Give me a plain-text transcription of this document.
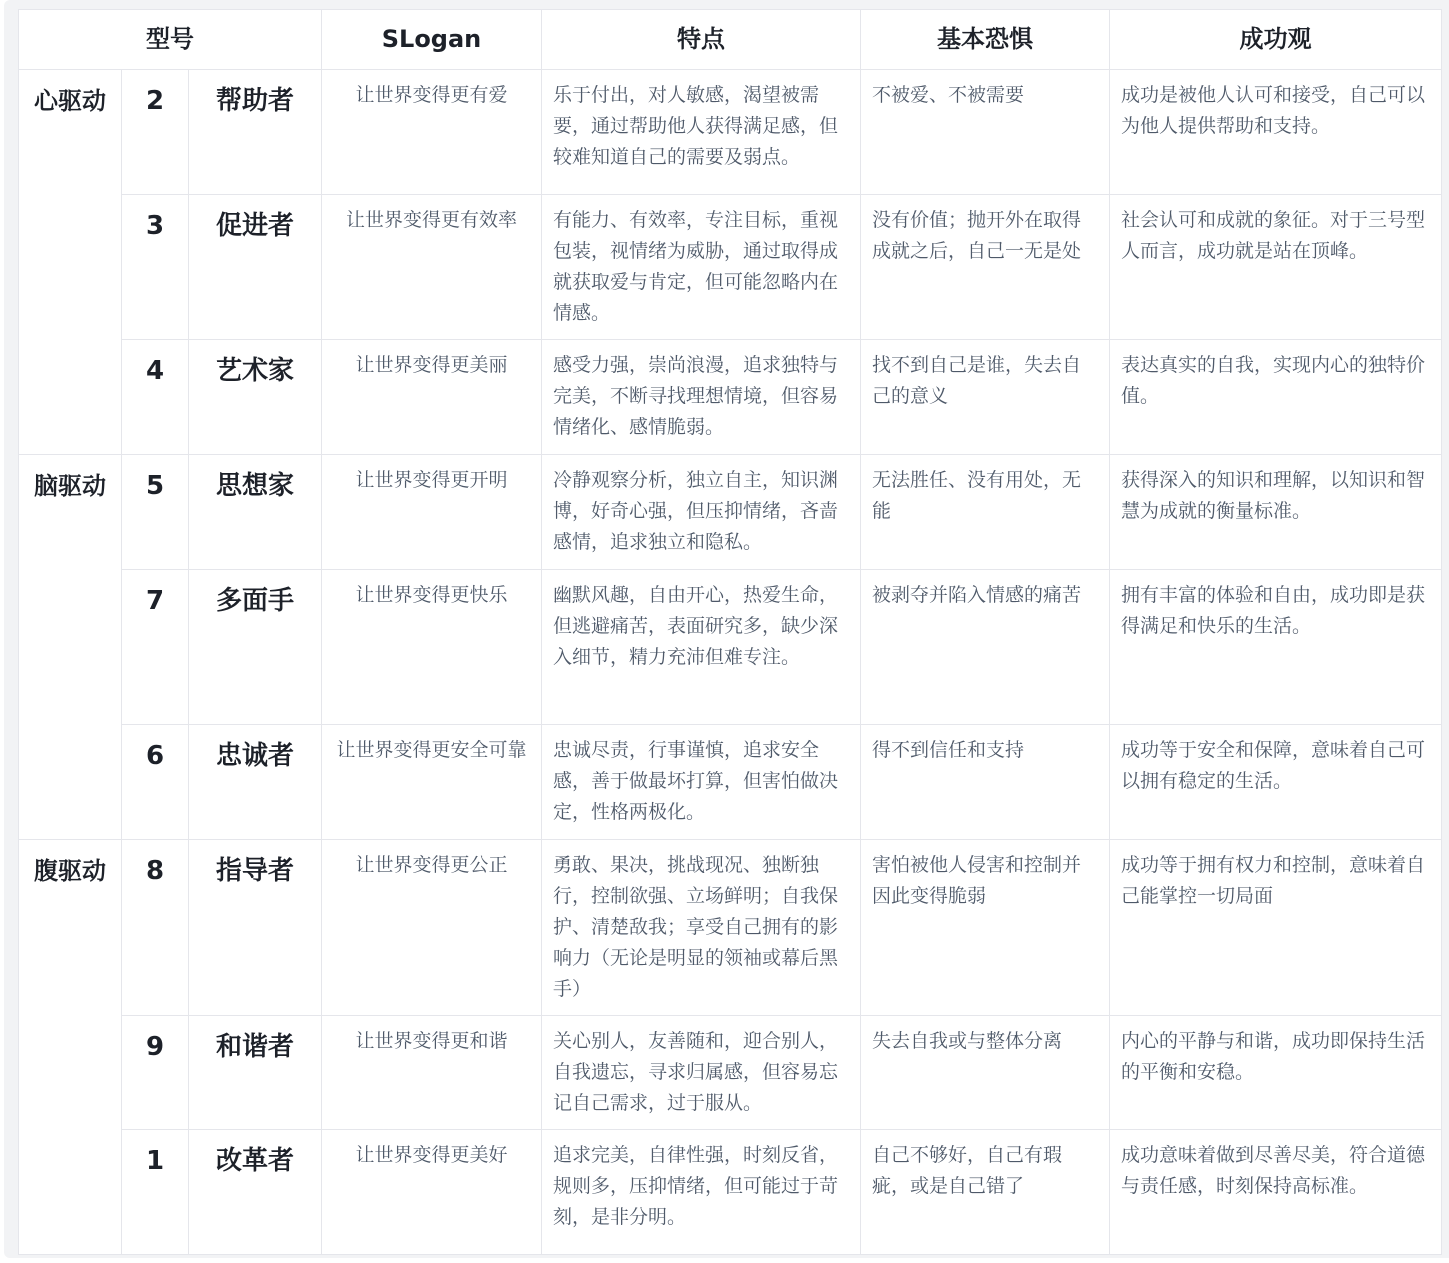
型号			SLogan	特点	基本恐惧	成功观
心驱动	2	帮助者	让世界变得更有爱	乐于付出，对人敏感，渴望被需要，通过帮助他人获得满足感，但较难知道自己的需要及弱点。	不被爱、不被需要	成功是被他人认可和接受，自己可以为他人提供帮助和支持。
	3	促进者	让世界变得更有效率	有能力、有效率，专注目标，重视包装，视情绪为威胁，通过取得成就获取爱与肯定，但可能忽略内在情感。	没有价值；抛开外在取得成就之后，自己一无是处	社会认可和成就的象征。对于三号型人而言，成功就是站在顶峰。
	4	艺术家	让世界变得更美丽	感受力强，崇尚浪漫，追求独特与完美，不断寻找理想情境，但容易情绪化、感情脆弱。	找不到自己是谁，失去自己的意义	表达真实的自我，实现内心的独特价值。
脑驱动	5	思想家	让世界变得更开明	冷静观察分析，独立自主，知识渊博，好奇心强，但压抑情绪，吝啬感情，追求独立和隐私。	无法胜任、没有用处，无能	获得深入的知识和理解，以知识和智慧为成就的衡量标准。
	7	多面手	让世界变得更快乐	幽默风趣，自由开心，热爱生命，但逃避痛苦，表面研究多，缺少深入细节，精力充沛但难专注。	被剥夺并陷入情感的痛苦	拥有丰富的体验和自由，成功即是获得满足和快乐的生活。
	6	忠诚者	让世界变得更安全可靠	忠诚尽责，行事谨慎，追求安全感，善于做最坏打算，但害怕做决定，性格两极化。	得不到信任和支持	成功等于安全和保障，意味着自己可以拥有稳定的生活。
腹驱动	8	指导者	让世界变得更公正	勇敢、果决，挑战现况、独断独行，控制欲强、立场鲜明；自我保护、清楚敌我；享受自己拥有的影响力（无论是明显的领袖或幕后黑手）	害怕被他人侵害和控制并因此变得脆弱	成功等于拥有权力和控制，意味着自己能掌控一切局面
	9	和谐者	让世界变得更和谐	关心别人，友善随和，迎合别人，自我遗忘，寻求归属感，但容易忘记自己需求，过于服从。	失去自我或与整体分离	内心的平静与和谐，成功即保持生活的平衡和安稳。
	1	改革者	让世界变得更美好	追求完美，自律性强，时刻反省，规则多，压抑情绪，但可能过于苛刻，是非分明。	自己不够好，自己有瑕疵，或是自己错了	成功意味着做到尽善尽美，符合道德与责任感，时刻保持高标准。
